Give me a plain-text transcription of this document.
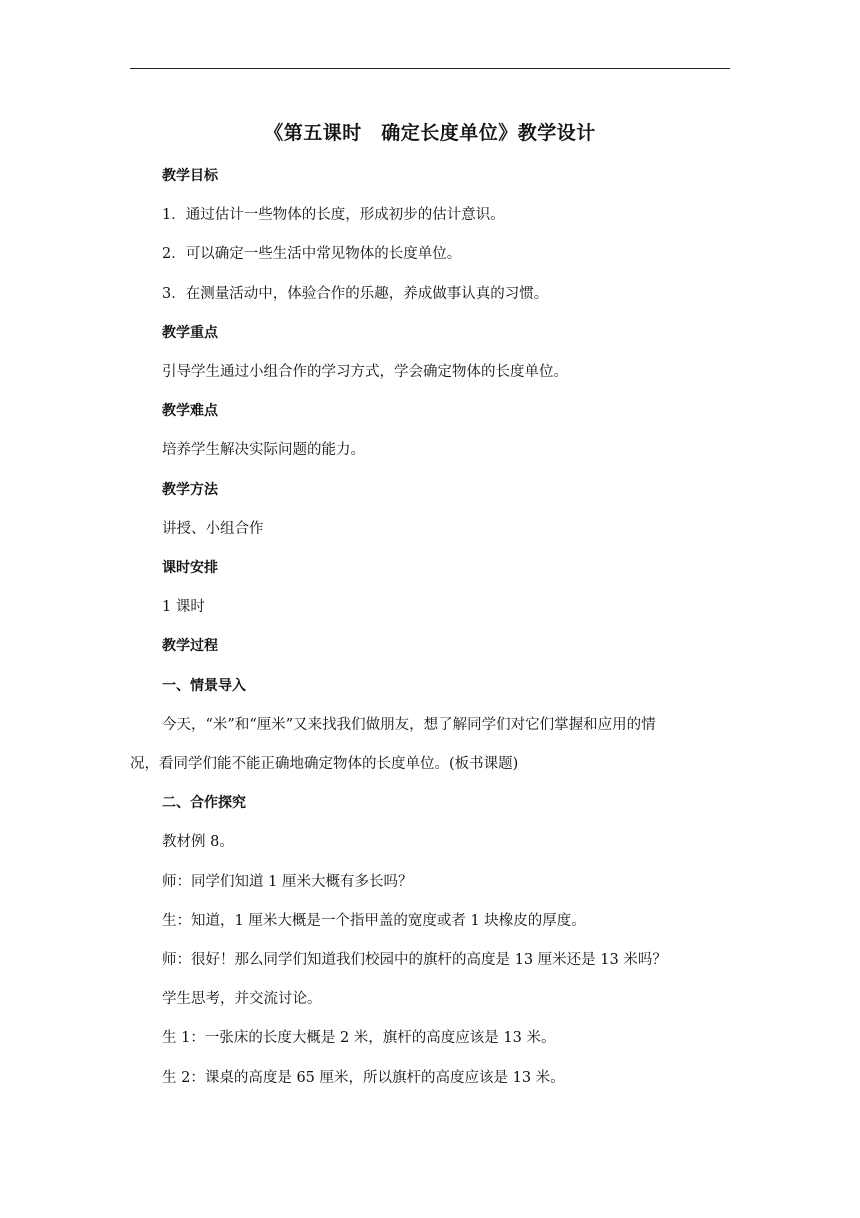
《第五课时　确定长度单位》教学设计
教学目标
1．通过估计一些物体的长度，形成初步的估计意识。
2．可以确定一些生活中常见物体的长度单位。
3．在测量活动中，体验合作的乐趣，养成做事认真的习惯。
教学重点
引导学生通过小组合作的学习方式，学会确定物体的长度单位。
教学难点
培养学生解决实际问题的能力。
教学方法
讲授、小组合作
课时安排
1 课时
教学过程
一、情景导入
今天，“米”和“厘米”又来找我们做朋友，想了解同学们对它们掌握和应用的情
况，看同学们能不能正确地确定物体的长度单位。(板书课题)
二、合作探究
教材例 8。
师：同学们知道 1 厘米大概有多长吗？
生：知道，1 厘米大概是一个指甲盖的宽度或者 1 块橡皮的厚度。
师：很好！那么同学们知道我们校园中的旗杆的高度是 13 厘米还是 13 米吗？
学生思考，并交流讨论。
生 1：一张床的长度大概是 2 米，旗杆的高度应该是 13 米。
生 2：课桌的高度是 65 厘米，所以旗杆的高度应该是 13 米。
